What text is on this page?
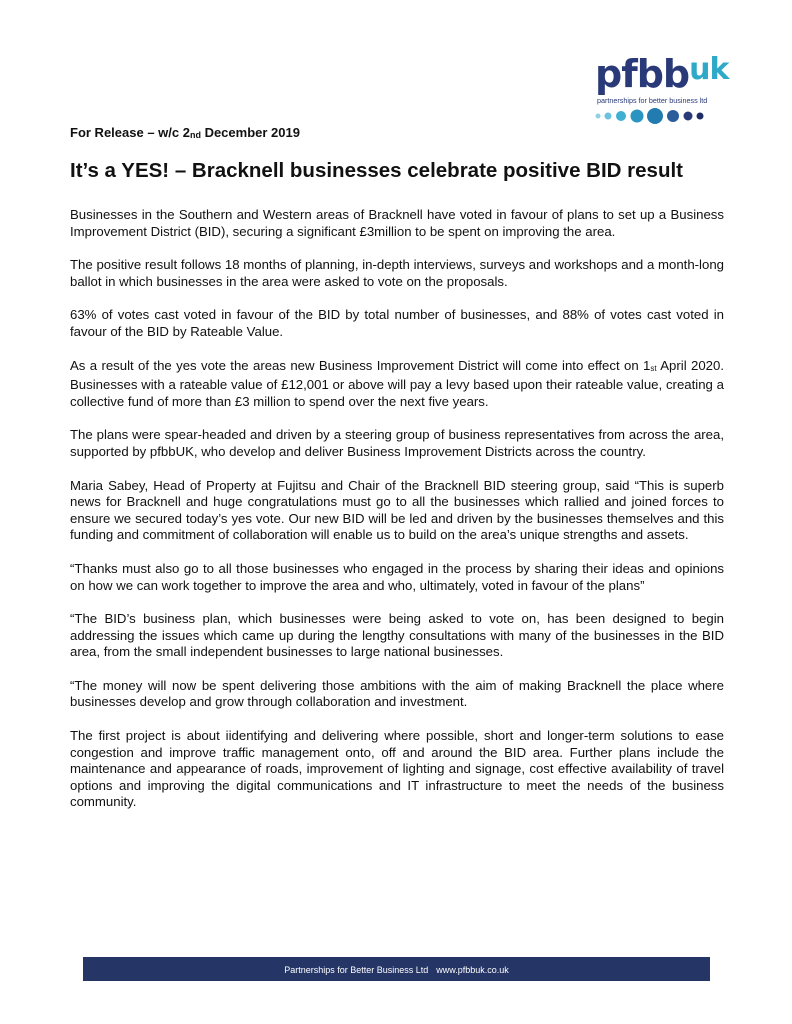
pfbb$^{uk}$
partnerships for better business ltd
For Release – w/c $2_{nd}$ December 2019
It’s a YES! – Bracknell businesses celebrate positive BID result

Businesses in the Southern and Western areas of Bracknell have voted in favour of plans to set up a Business Improvement District (BID), securing a significant £3million to be spent on improving the area.

The positive result follows 18 months of planning, in-depth interviews, surveys and workshops and a month-long ballot in which businesses in the area were asked to vote on the proposals.

63% of votes cast voted in favour of the BID by total number of businesses, and 88% of votes cast voted in favour of the BID by Rateable Value.

As a result of the yes vote the areas new Business Improvement District will come into effect on $1_{st}$ April 2020. Businesses with a rateable value of £12,001 or above will pay a levy based upon their rateable value, creating a collective fund of more than £3 million to spend over the next five years.

The plans were spear-headed and driven by a steering group of business representatives from across the area, supported by pfbbUK, who develop and deliver Business Improvement Districts across the country.

Maria Sabey, Head of Property at Fujitsu and Chair of the Bracknell BID steering group, said “This is superb news for Bracknell and huge congratulations must go to all the businesses which rallied and joined forces to ensure we secured today’s yes vote. Our new BID will be led and driven by the businesses themselves and this funding and commitment of collaboration will enable us to build on the area’s unique strengths and assets.

“Thanks must also go to all those businesses who engaged in the process by sharing their ideas and opinions on how we can work together to improve the area and who, ultimately, voted in favour of the plans”

“The BID’s business plan, which businesses were being asked to vote on, has been designed to begin addressing the issues which came up during the lengthy consultations with many of the businesses in the BID area, from the small independent businesses to large national businesses.

“The money will now be spent delivering those ambitions with the aim of making Bracknell the place where businesses develop and grow through collaboration and investment.

The first project is about iidentifying and delivering where possible, short and longer-term solutions to ease congestion and improve traffic management onto, off and around the BID area. Further plans include the maintenance and appearance of roads, improvement of lighting and signage, cost effective availability of travel options and improving the digital communications and IT infrastructure to meet the needs of the business community.

Partnerships for Better Business Ltd www.pfbbuk.co.uk
